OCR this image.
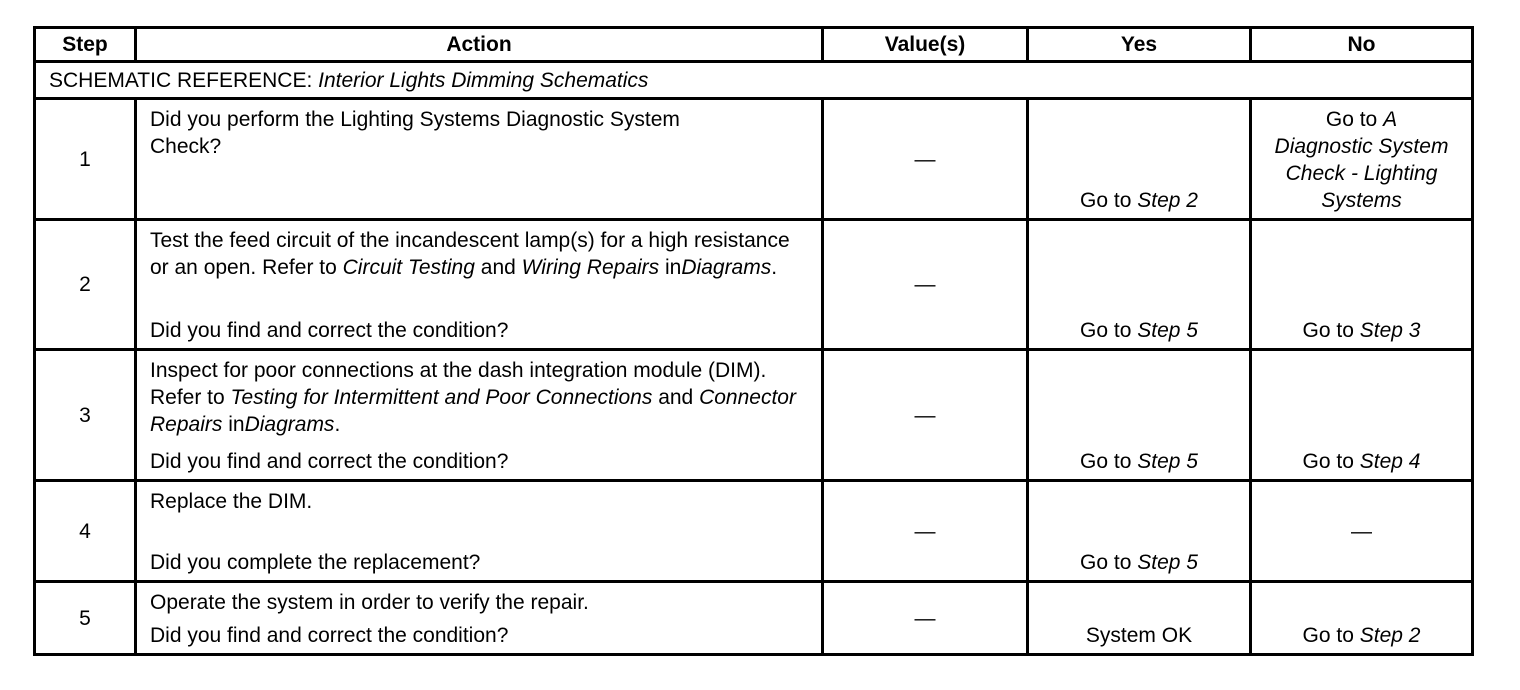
Step	Action	Value(s)	Yes	No
SCHEMATIC REFERENCE: Interior Lights Dimming Schematics				
1	Did you perform the Lighting Systems Diagnostic System Check?	—	Go to Step 2	Go to A
Diagnostic System Check - Lighting Systems

2	Test the feed circuit of the incandescent lamp(s) for a high resistance or an open. Refer to Circuit Testing and Wiring Repairs inDiagrams.

Did you find and correct the condition?	—	Go to Step 5	Go to Step 3
3	Inspect for poor connections at the dash integration module (DIM). Refer to Testing for Intermittent and Poor Connections and Connector Repairs inDiagrams.

Did you find and correct the condition?	—	Go to Step 5	Go to Step 4
4	Replace the DIM.

Did you complete the replacement?	—	Go to Step 5	—
5	Operate the system in order to verify the repair.

Did you find and correct the condition?	—	System OK	Go to Step 2
